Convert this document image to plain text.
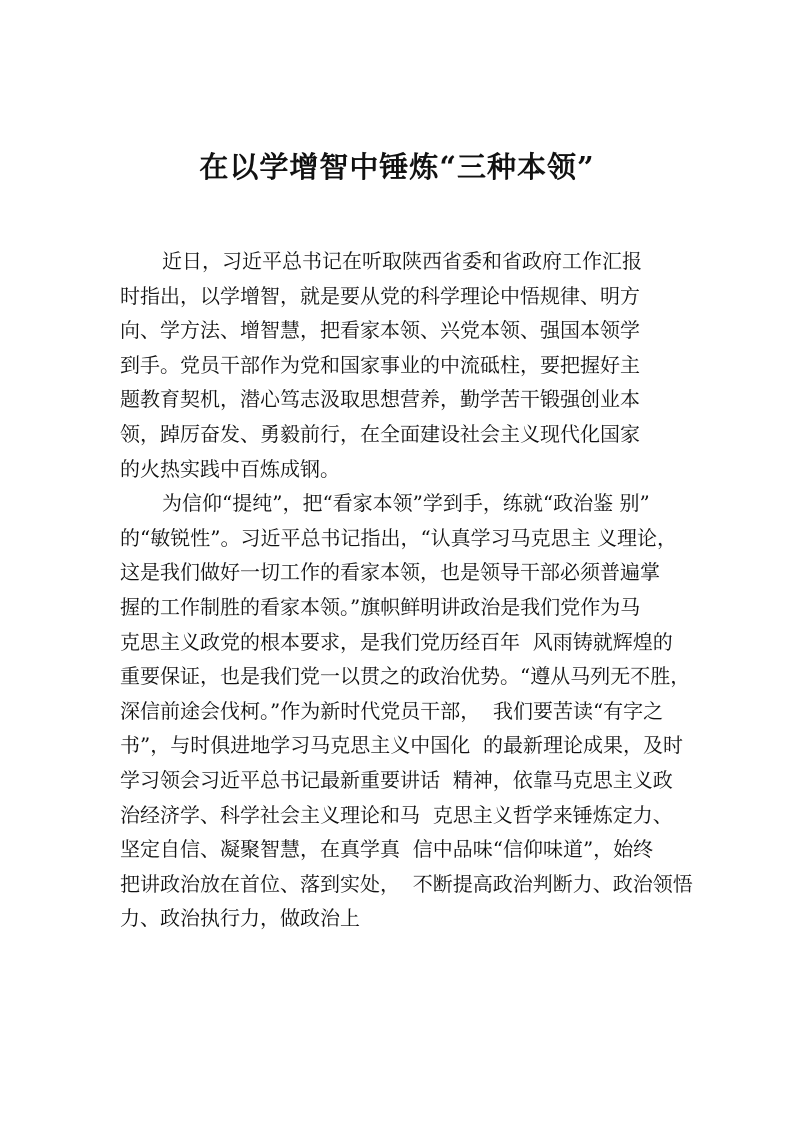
在以学增智中锤炼“三种本领”

近日，习近平总书记在听取陕西省委和省政府工作汇报

时指出，以学增智，就是要从党的科学理论中悟规律、明方

向、学方法、增智慧，把看家本领、兴党本领、强国本领学

到手。党员干部作为党和国家事业的中流砥柱，要把握好主

题教育契机，潜心笃志汲取思想营养，勤学苦干锻强创业本

领，踔厉奋发、勇毅前行，在全面建设社会主义现代化国家

的火热实践中百炼成钢。

为信仰“提纯”，把“看家本领”学到手，练就“政治鉴 别”

的“敏锐性”。习近平总书记指出，“认真学习马克思主 义理论，

这是我们做好一切工作的看家本领，也是领导干部必须普遍掌

握的工作制胜的看家本领。”旗帜鲜明讲政治是我们党作为马

克思主义政党的根本要求，是我们党历经百年  风雨铸就辉煌的

重要保证，也是我们党一以贯之的政治优势。“遵从马列无不胜，

深信前途会伐柯。”作为新时代党员干部，  我们要苦读“有字之

书”，与时俱进地学习马克思主义中国化  的最新理论成果，及时

学习领会习近平总书记最新重要讲话  精神，依靠马克思主义政

治经济学、科学社会主义理论和马  克思主义哲学来锤炼定力、

坚定自信、凝聚智慧，在真学真  信中品味“信仰味道”，始终

把讲政治放在首位、落到实处，  不断提高政治判断力、政治领悟

力、政治执行力，做政治上
